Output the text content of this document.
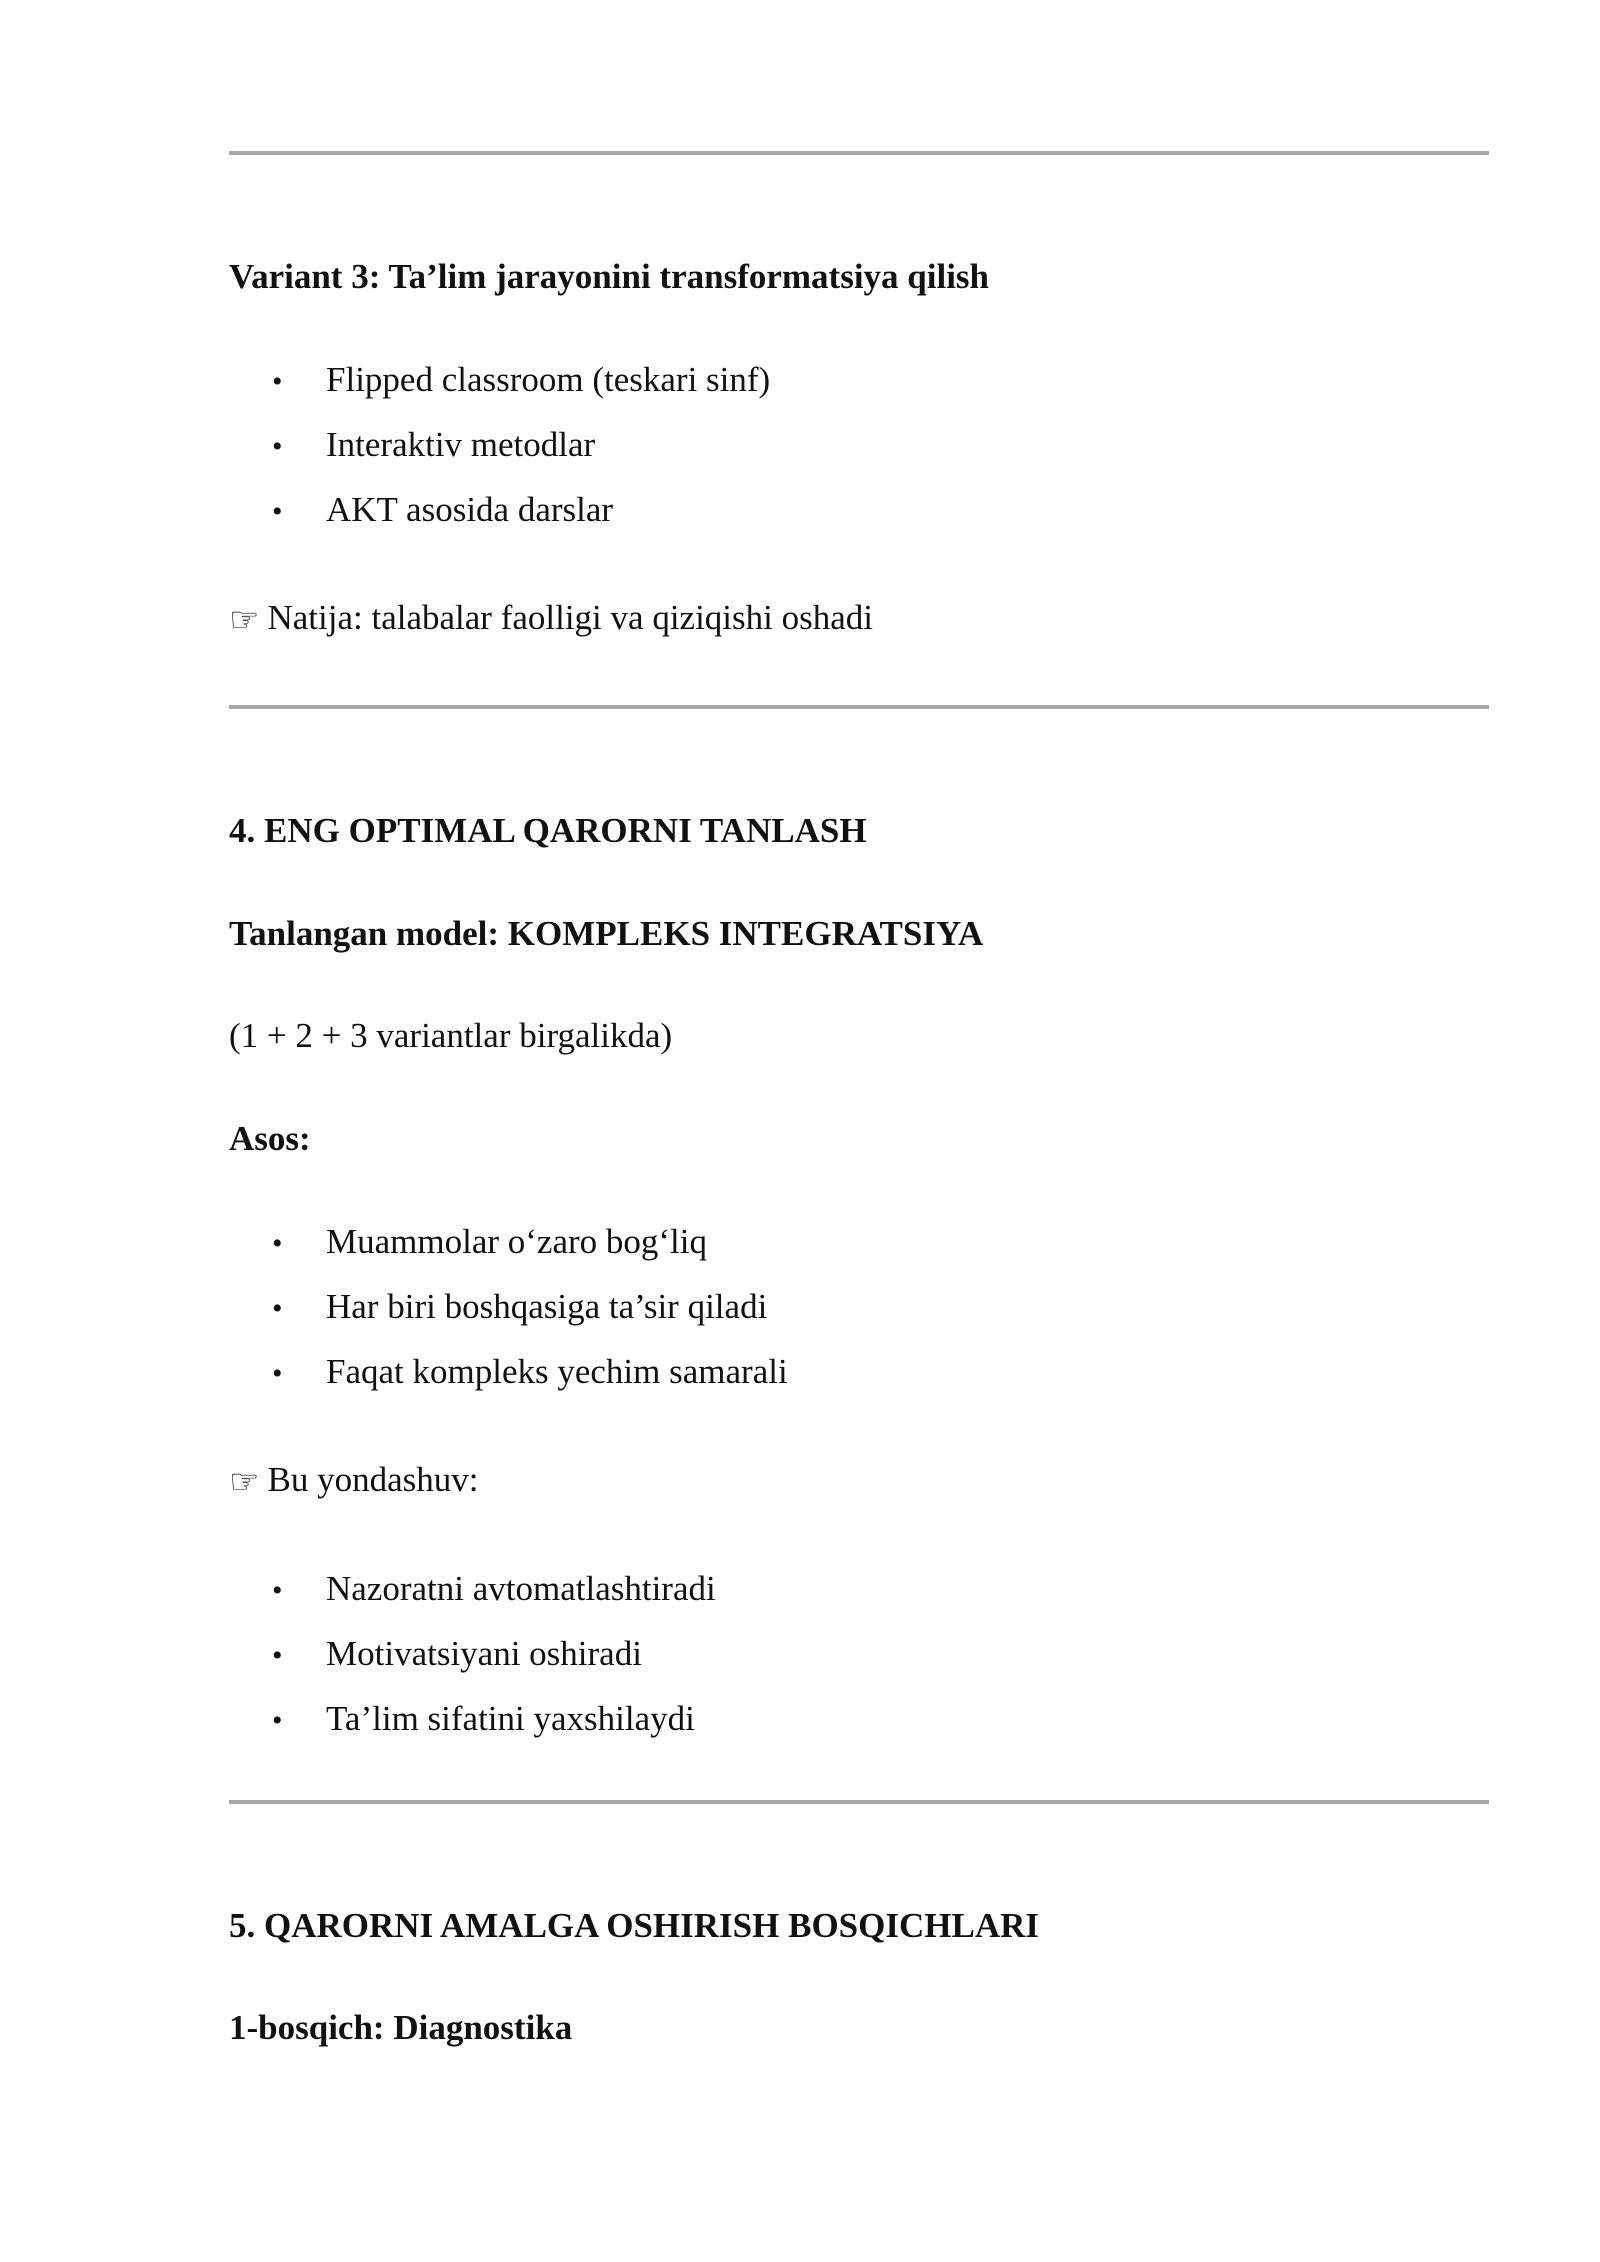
Variant 3: Ta’lim jarayonini transformatsiya qilish
• Flipped classroom (teskari sinf)
• Interaktiv metodlar
• AKT asosida darslar
☞ Natija: talabalar faolligi va qiziqishi oshadi
4. ENG OPTIMAL QARORNI TANLASH
Tanlangan model: KOMPLEKS INTEGRATSIYA
(1 + 2 + 3 variantlar birgalikda)
Asos:
• Muammolar o‘zaro bog‘liq
• Har biri boshqasiga ta’sir qiladi
• Faqat kompleks yechim samarali
☞ Bu yondashuv:
• Nazoratni avtomatlashtiradi
• Motivatsiyani oshiradi
• Ta’lim sifatini yaxshilaydi
5. QARORNI AMALGA OSHIRISH BOSQICHLARI
1-bosqich: Diagnostika
